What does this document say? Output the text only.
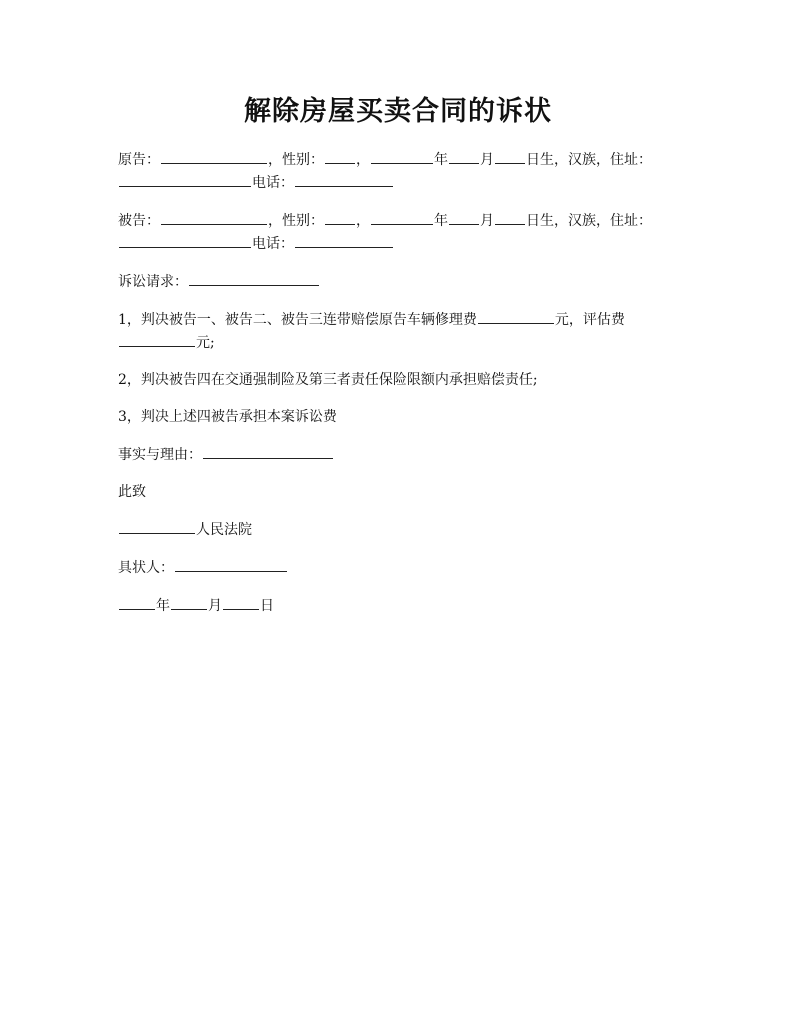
解除房屋买卖合同的诉状

原告：	，性别： ，	年 月 日生，汉族，住址：
电话：

被告：	，性别： ，	年 月 日生，汉族，住址：
电话：

诉讼请求：

1，判决被告一、被告二、被告三连带赔偿原告车辆修理费	元，评估费
元;

2，判决被告四在交通强制险及第三者责任保险限额内承担赔偿责任;

3，判决上述四被告承担本案诉讼费

事实与理由：

此致

人民法院

具状人：

年	月	日
